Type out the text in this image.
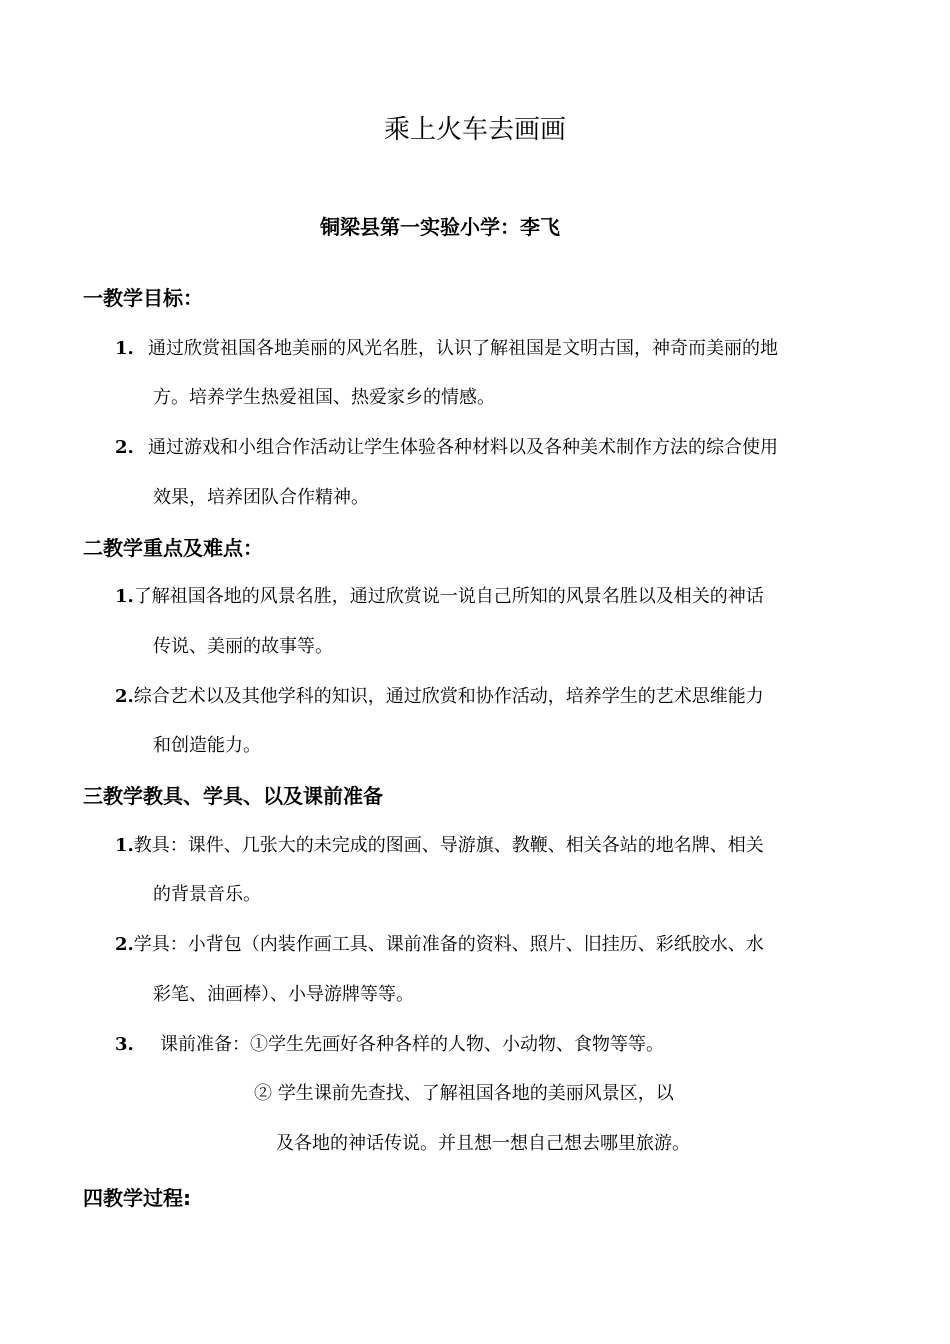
乘上火车去画画
铜梁县第一实验小学：李飞
一教学目标：
1. 通过欣赏祖国各地美丽的风光名胜，认识了解祖国是文明古国，神奇而美丽的地
方。培养学生热爱祖国、热爱家乡的情感。
2. 通过游戏和小组合作活动让学生体验各种材料以及各种美术制作方法的综合使用
效果，培养团队合作精神。
二教学重点及难点：
1.了解祖国各地的风景名胜，通过欣赏说一说自己所知的风景名胜以及相关的神话
传说、美丽的故事等。
2.综合艺术以及其他学科的知识，通过欣赏和协作活动，培养学生的艺术思维能力
和创造能力。
三教学教具、学具、以及课前准备
1.教具：课件、几张大的未完成的图画、导游旗、教鞭、相关各站的地名牌、相关
的背景音乐。
2.学具：小背包（内装作画工具、课前准备的资料、照片、旧挂历、彩纸胶水、水
彩笔、油画棒）、小导游牌等等。
3. 课前准备：①学生先画好各种各样的人物、小动物、食物等等。
② 学生课前先查找、了解祖国各地的美丽风景区，以
及各地的神话传说。并且想一想自己想去哪里旅游。
四教学过程:
